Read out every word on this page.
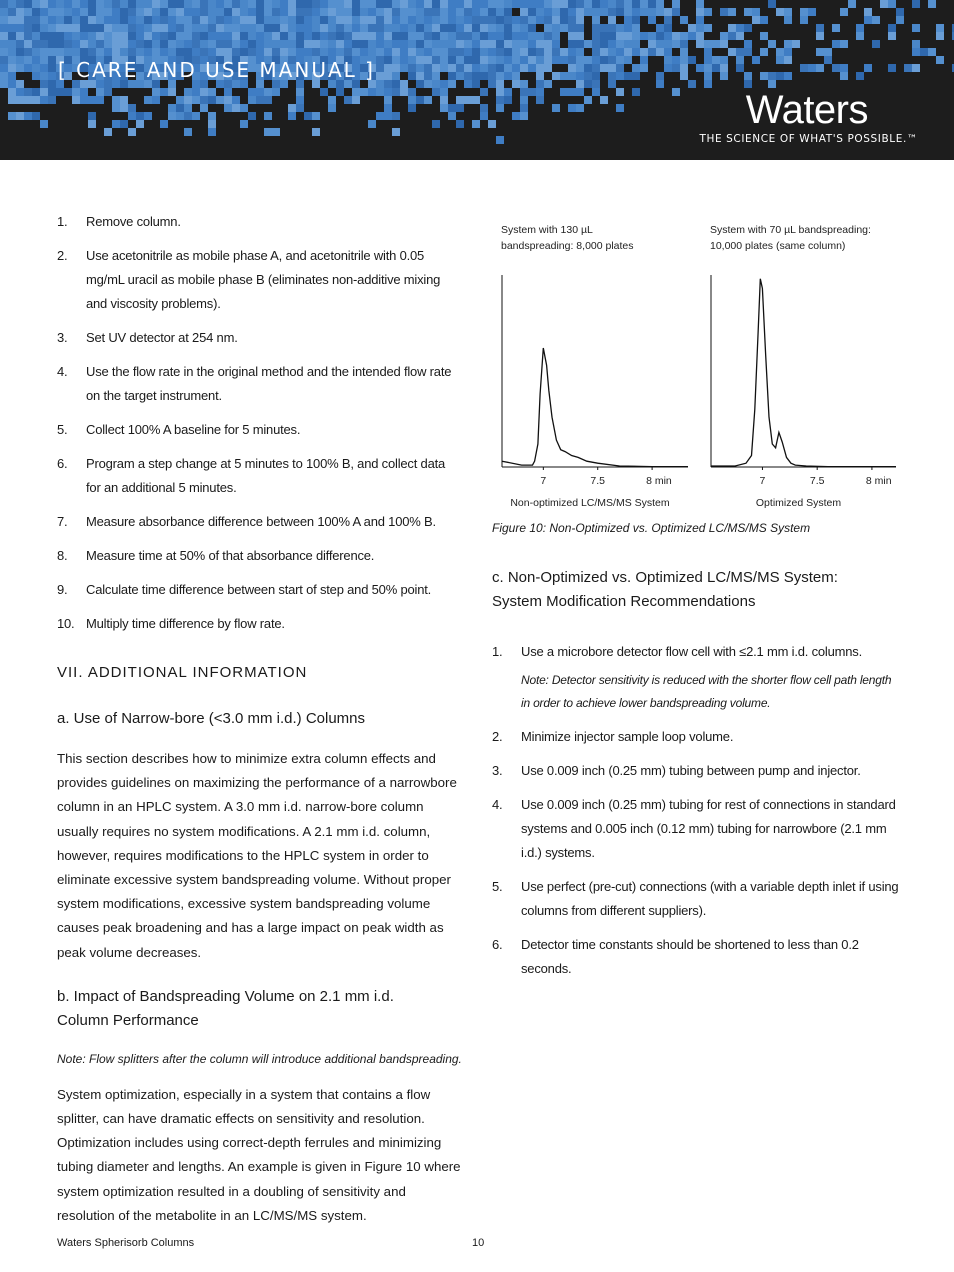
[ CARE AND USE MANUAL ]
Waters
THE SCIENCE OF WHAT'S POSSIBLE.™
1. Remove column.
2. Use acetonitrile as mobile phase A, and acetonitrile with 0.05 mg/mL uracil as mobile phase B (eliminates non-additive mixing and viscosity problems).
3. Set UV detector at 254 nm.
4. Use the flow rate in the original method and the intended flow rate on the target instrument.
5. Collect 100% A baseline for 5 minutes.
6. Program a step change at 5 minutes to 100% B, and collect data for an additional 5 minutes.
7. Measure absorbance difference between 100% A and 100% B.
8. Measure time at 50% of that absorbance difference.
9. Calculate time difference between start of step and 50% point.
10. Multiply time difference by flow rate.
VII. ADDITIONAL INFORMATION
a. Use of Narrow-bore (<3.0 mm i.d.) Columns

This section describes how to minimize extra column effects and provides guidelines on maximizing the performance of a narrowbore column in an HPLC system. A 3.0 mm i.d. narrow-bore column usually requires no system modifications. A 2.1 mm i.d. column, however, requires modifications to the HPLC system in order to eliminate excessive system bandspreading volume. Without proper system modifications, excessive system bandspreading volume causes peak broadening and has a large impact on peak width as peak volume decreases.

b. Impact of Bandspreading Volume on 2.1 mm i.d.
Column Performance

Note: Flow splitters after the column will introduce additional bandspreading.

System optimization, especially in a system that contains a flow splitter, can have dramatic effects on sensitivity and resolution. Optimization includes using correct-depth ferrules and minimizing tubing diameter and lengths. An example is given in Figure 10 where system optimization resulted in a doubling of sensitivity and resolution of the metabolite in an LC/MS/MS system.

System with 130 µL
bandspreading: 8,000 plates
7	7.5	8 min
Non-optimized LC/MS/MS System
System with 70 µL bandspreading:
10,000 plates (same column)
7	7.5	8 min
Optimized System
Figure 10: Non-Optimized vs. Optimized LC/MS/MS System
c. Non-Optimized vs. Optimized LC/MS/MS System:
System Modification Recommendations
1. Use a microbore detector flow cell with ≤2.1 mm i.d. columns.
Note: Detector sensitivity is reduced with the shorter flow cell path length in order to achieve lower bandspreading volume.
2. Minimize injector sample loop volume.
3. Use 0.009 inch (0.25 mm) tubing between pump and injector.
4. Use 0.009 inch (0.25 mm) tubing for rest of connections in standard systems and 0.005 inch (0.12 mm) tubing for narrowbore (2.1 mm i.d.) systems.
5. Use perfect (pre-cut) connections (with a variable depth inlet if using columns from different suppliers).
6. Detector time constants should be shortened to less than 0.2 seconds.
Waters Spherisorb Columns	10
